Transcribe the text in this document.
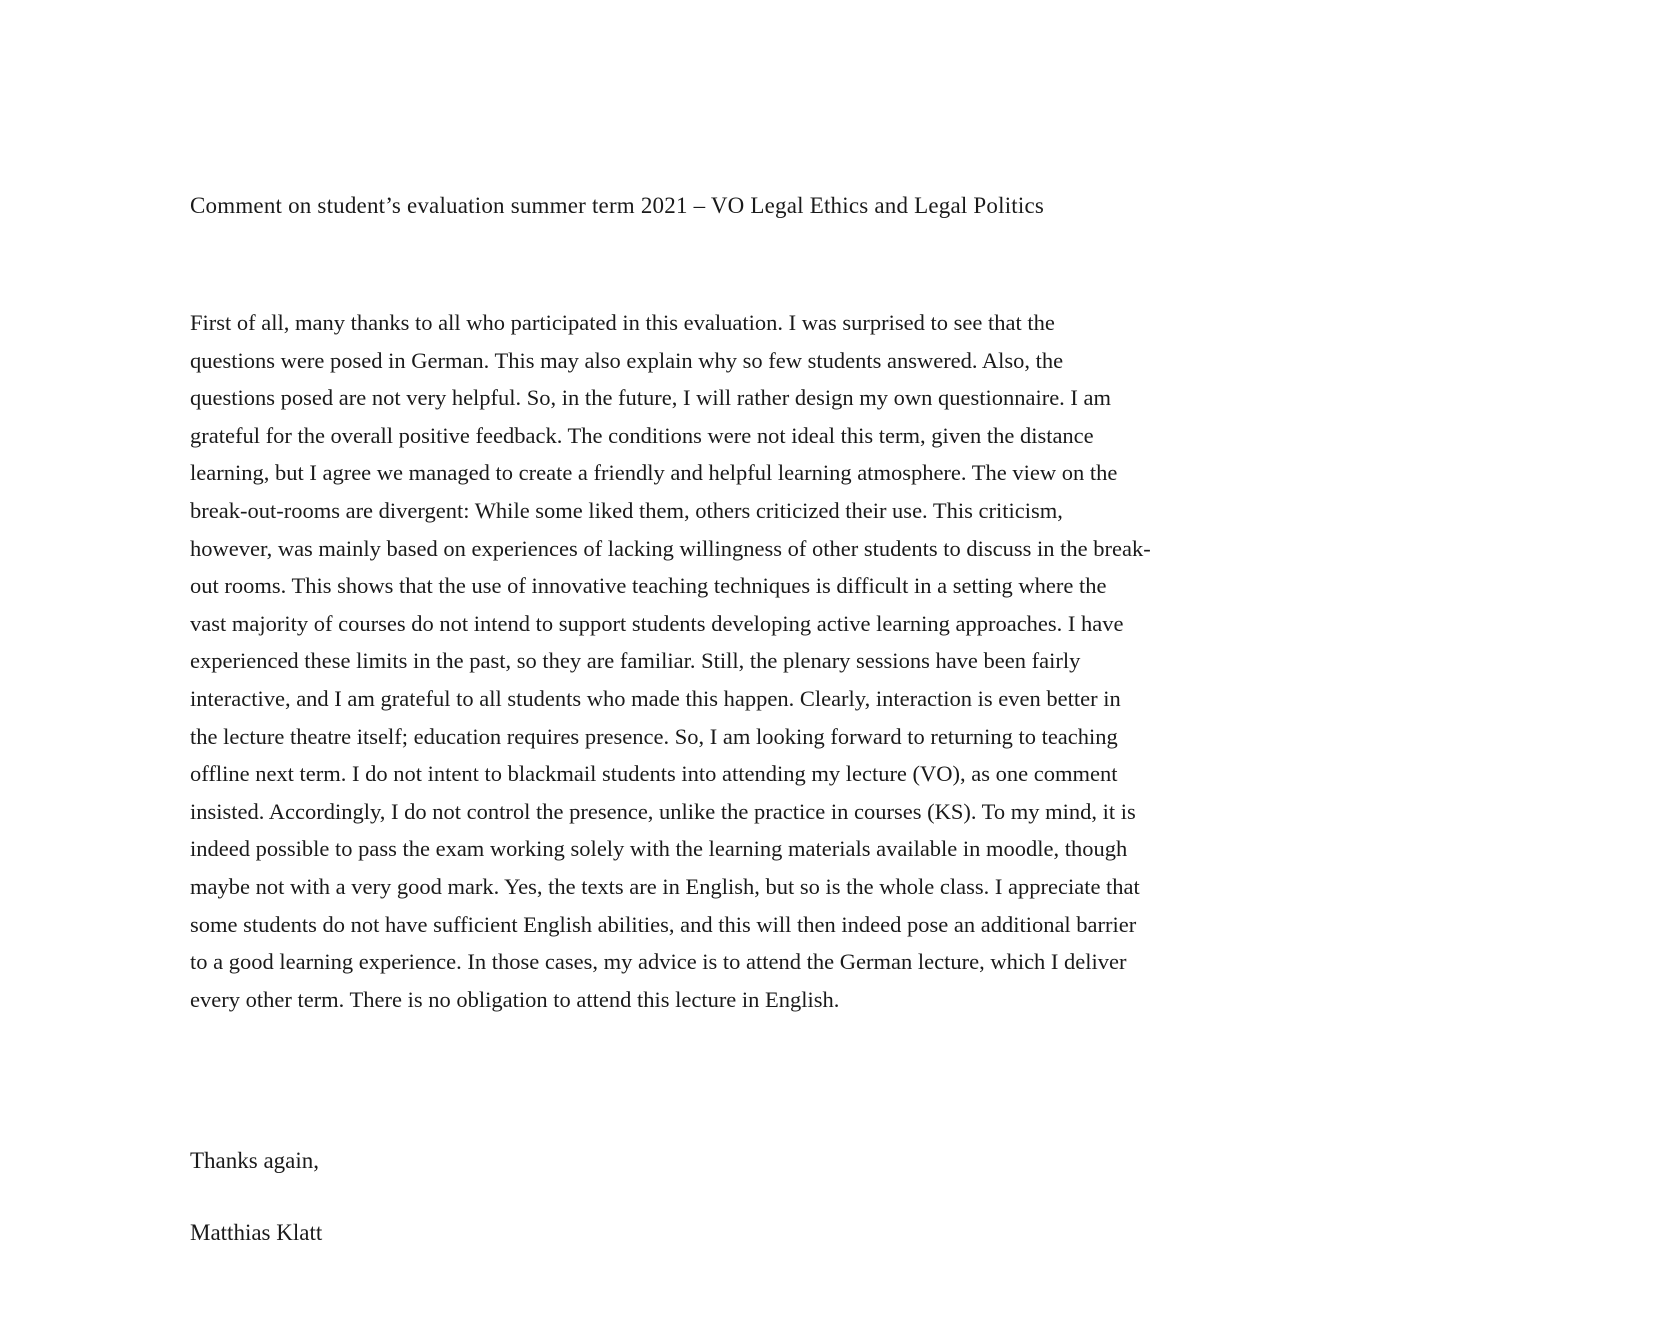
Comment on student’s evaluation summer term 2021 – VO Legal Ethics and Legal Politics
First of all, many thanks to all who participated in this evaluation. I was surprised to see that the
questions were posed in German. This may also explain why so few students answered. Also, the
questions posed are not very helpful. So, in the future, I will rather design my own questionnaire. I am
grateful for the overall positive feedback. The conditions were not ideal this term, given the distance
learning, but I agree we managed to create a friendly and helpful learning atmosphere. The view on the
break-out-rooms are divergent: While some liked them, others criticized their use. This criticism,
however, was mainly based on experiences of lacking willingness of other students to discuss in the break-
out rooms. This shows that the use of innovative teaching techniques is difficult in a setting where the
vast majority of courses do not intend to support students developing active learning approaches. I have
experienced these limits in the past, so they are familiar. Still, the plenary sessions have been fairly
interactive, and I am grateful to all students who made this happen. Clearly, interaction is even better in
the lecture theatre itself; education requires presence. So, I am looking forward to returning to teaching
offline next term. I do not intent to blackmail students into attending my lecture (VO), as one comment
insisted. Accordingly, I do not control the presence, unlike the practice in courses (KS). To my mind, it is
indeed possible to pass the exam working solely with the learning materials available in moodle, though
maybe not with a very good mark. Yes, the texts are in English, but so is the whole class. I appreciate that
some students do not have sufficient English abilities, and this will then indeed pose an additional barrier
to a good learning experience. In those cases, my advice is to attend the German lecture, which I deliver
every other term. There is no obligation to attend this lecture in English.
Thanks again,
Matthias Klatt
